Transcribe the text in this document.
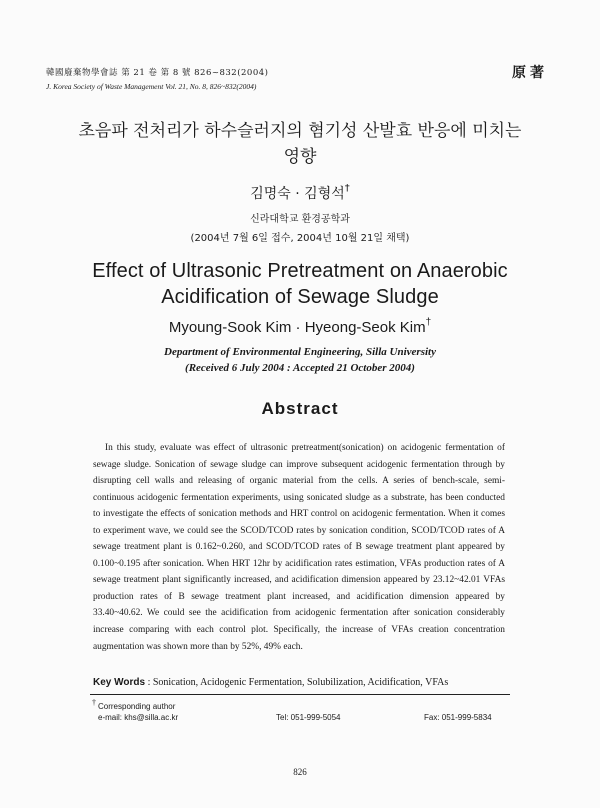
韓國廢棄物學會誌 第 21 卷 第 8 號 826~832(2004)
J. Korea Society of Waste Management Vol. 21, No. 8, 826~832(2004)
原著
초음파 전처리가 하수슬러지의 혐기성 산발효 반응에 미치는 영향
김명숙 · 김형석†
신라대학교 환경공학과
(2004년 7월 6일 접수, 2004년 10월 21일 채택)
Effect of Ultrasonic Pretreatment on Anaerobic Acidification of Sewage Sludge
Myoung-Sook Kim · Hyeong-Seok Kim†
Department of Environmental Engineering, Silla University
(Received 6 July 2004 : Accepted 21 October 2004)
Abstract
In this study, evaluate was effect of ultrasonic pretreatment(sonication) on acidogenic fermentation of sewage sludge. Sonication of sewage sludge can improve subsequent acidogenic fermentation through by disrupting cell walls and releasing of organic material from the cells. A series of bench-scale, semi-continuous acidogenic fermentation experiments, using sonicated sludge as a substrate, has been conducted to investigate the effects of sonication methods and HRT control on acidogenic fermentation. When it comes to experiment wave, we could see the SCOD/TCOD rates by sonication condition, SCOD/TCOD rates of A sewage treatment plant is 0.162~0.260, and SCOD/TCOD rates of B sewage treatment plant appeared by 0.100~0.195 after sonication. When HRT 12hr by acidification rates estimation, VFAs production rates of A sewage treatment plant significantly increased, and acidification dimension appeared by 23.12~42.01 VFAs production rates of B sewage treatment plant increased, and acidification dimension appeared by 33.40~40.62. We could see the acidification from acidogenic fermentation after sonication considerably increase comparing with each control plot. Specifically, the increase of VFAs creation concentration augmentation was shown more than by 52%, 49% each.
Key Words : Sonication, Acidogenic Fermentation, Solubilization, Acidification, VFAs
† Corresponding author
e-mail: khs@silla.ac.kr	Tel: 051-999-5054	Fax: 051-999-5834
826
